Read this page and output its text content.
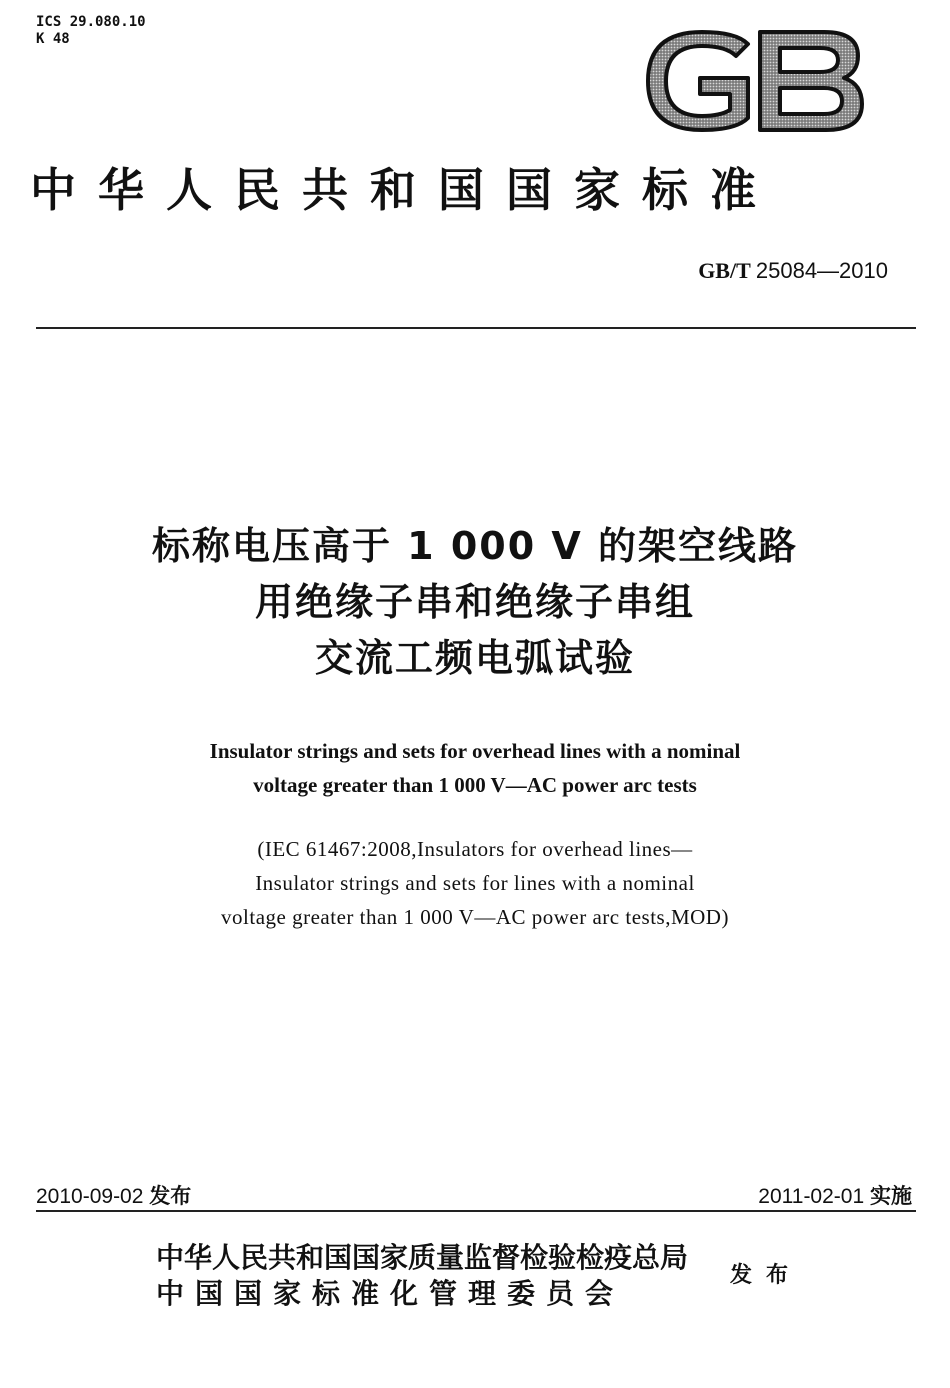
ICS 29.080.10
K 48
中华人民共和国国家标准
GB/T 25084—2010
标称电压高于 1 000 V 的架空线路
用绝缘子串和绝缘子串组
交流工频电弧试验
Insulator strings and sets for overhead lines with a nominal
voltage greater than 1 000 V—AC power arc tests
(IEC 61467:2008,Insulators for overhead lines—
Insulator strings and sets for lines with a nominal
voltage greater than 1 000 V—AC power arc tests,MOD)
2010-09-02 发布	2011-02-01 实施
中华人民共和国国家质量监督检验检疫总局
中国国家标准化管理委员会
发布
